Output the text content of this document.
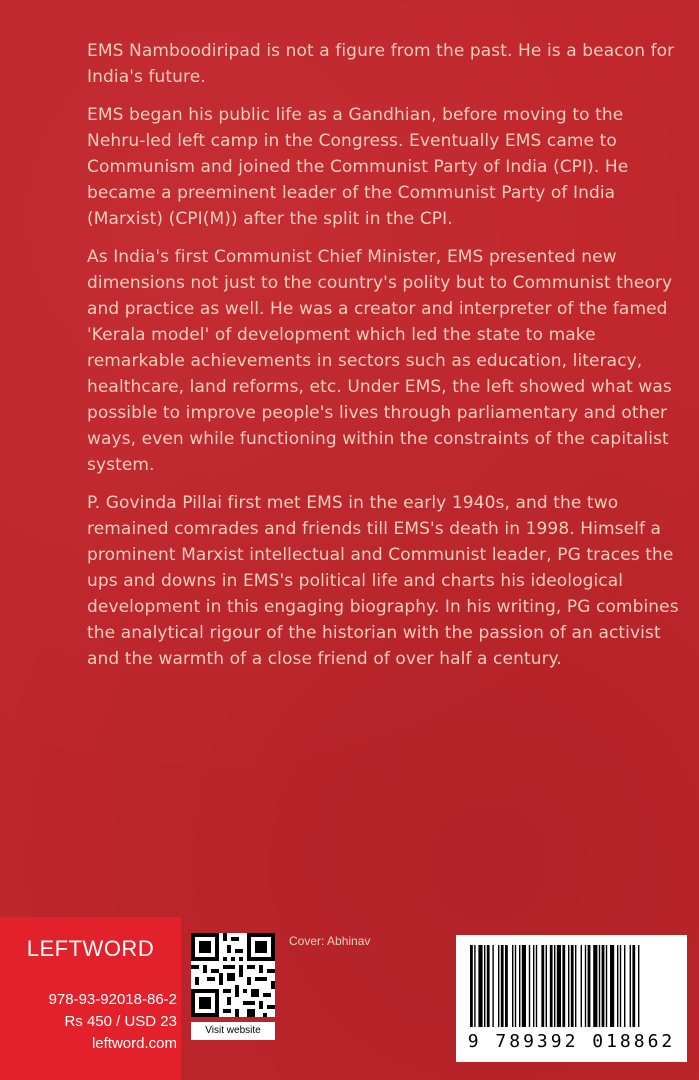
EMS Namboodiripad is not a figure from the past. He is a beacon for India's future.

EMS began his public life as a Gandhian, before moving to the Nehru-led left camp in the Congress. Eventually EMS came to Communism and joined the Communist Party of India (CPI). He became a preeminent leader of the Communist Party of India (Marxist) (CPI(M)) after the split in the CPI.

As India's first Communist Chief Minister, EMS presented new dimensions not just to the country's polity but to Communist theory and practice as well. He was a creator and interpreter of the famed 'Kerala model' of development which led the state to make remarkable achievements in sectors such as education, literacy, healthcare, land reforms, etc. Under EMS, the left showed what was possible to improve people's lives through parliamentary and other ways, even while functioning within the constraints of the capitalist system.

P. Govinda Pillai first met EMS in the early 1940s, and the two remained comrades and friends till EMS's death in 1998. Himself a prominent Marxist intellectual and Communist leader, PG traces the ups and downs in EMS's political life and charts his ideological development in this engaging biography. In his writing, PG combines the analytical rigour of the historian with the passion of an activist and the warmth of a close friend of over half a century.

LEFTWORD
978-93-92018-86-2
Rs 450 / USD 23
leftword.com
Visit website
Cover: Abhinav
9 789392 018862
